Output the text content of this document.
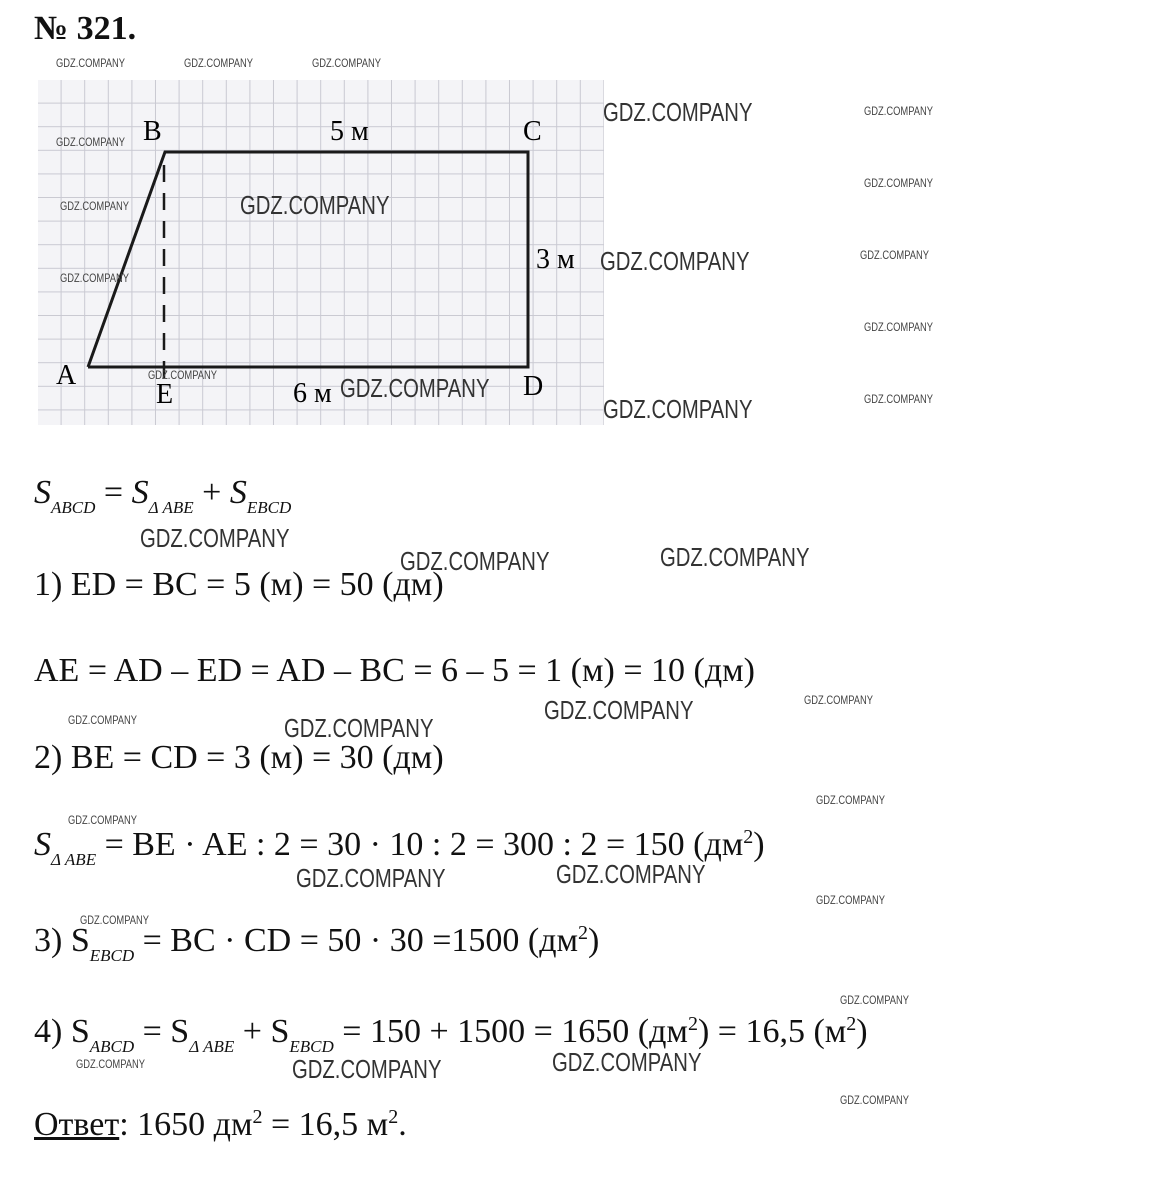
№ 321.
B	C
A
E	D
5 м
3 м
6 м
$S_{ABCD} = S_{\Delta ABE} + S_{EBCD}$
1) ED = BC = 5 (м) = 50 (дм)
AE = AD – ED = AD – BC = 6 – 5 = 1 (м) = 10 (дм)
2) BE = CD = 3 (м) = 30 (дм)
$S_{\Delta ABE}$ = BE · AE : 2 = 30 · 10 : 2 = 300 : 2 = 150 $(дм^2)$
3) $S_{EBCD}$ = BC · CD = 50 · 30 =1500 $(дм^2)$
4) $S_{ABCD} = S_{\Delta ABE} + S_{EBCD} = 150 + 1500 = 1650$ $(дм^2) = 16,5$ $(м^2)$
Ответ: 1650 $дм^2 = 16,5$ $м^2$.
GDZ.COMPANY	GDZ.COMPANY	GDZ.COMPANY
GDZ.COMPANY
GDZ.COMPANY
GDZ.COMPANY
GDZ.COMPANY
GDZ.COMPANY
GDZ.COMPANY
GDZ.COMPANY
GDZ.COMPANY
GDZ.COMPANY
GDZ.COMPANY
GDZ.COMPANY
GDZ.COMPANY
GDZ.COMPANY
GDZ.COMPANY
GDZ.COMPANY
GDZ.COMPANY	GDZ.COMPANY
GDZ.COMPANY	GDZ.COMPANY
GDZ.COMPANY	GDZ.COMPANY
GDZ.COMPANY
GDZ.COMPANY
GDZ.COMPANY	GDZ.COMPANY
GDZ.COMPANY
GDZ.COMPANY
GDZ.COMPANY
GDZ.COMPANY	GDZ.COMPANY	GDZ.COMPANY
GDZ.COMPANY
